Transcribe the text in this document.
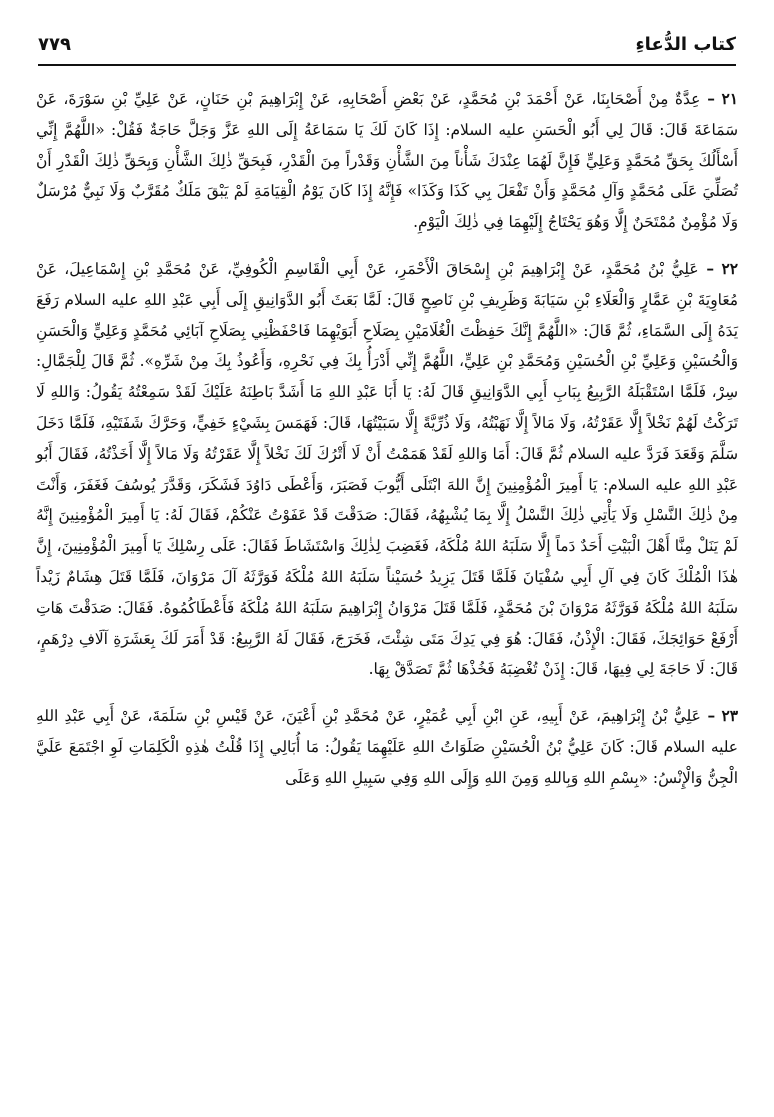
كتاب الدُّعاءِ
٧٧٩

٢١ – عِدَّةٌ مِنْ أَصْحَابِنَا، عَنْ أَحْمَدَ بْنِ مُحَمَّدٍ، عَنْ بَعْضِ أَصْحَابِهِ، عَنْ إِبْرَاهِيمَ بْنِ حَنَانٍ، عَنْ عَلِيِّ بْنِ سَوْرَةَ، عَنْ سَمَاعَةَ قَالَ: قَالَ لِي أَبُو الْحَسَنِ عليه السلام: إِذَا كَانَ لَكَ يَا سَمَاعَةُ إِلَى اللهِ عَزَّ وَجَلَّ حَاجَةٌ فَقُلْ: «اللَّهُمَّ إِنِّي أَسْأَلُكَ بِحَقِّ مُحَمَّدٍ وَعَلِيٍّ فَإِنَّ لَهُمَا عِنْدَكَ شَأْناً مِنَ الشَّأْنِ وَقَدْراً مِنَ الْقَدْرِ، فَبِحَقِّ ذٰلِكَ الشَّأْنِ وَبِحَقِّ ذٰلِكَ الْقَدْرِ أَنْ تُصَلِّيَ عَلَى مُحَمَّدٍ وَآلِ مُحَمَّدٍ وَأَنْ تَفْعَلَ بِي كَذَا وَكَذَا» فَإِنَّهُ إِذَا كَانَ يَوْمُ الْقِيَامَةِ لَمْ يَبْقَ مَلَكٌ مُقَرَّبٌ وَلَا نَبِيٌّ مُرْسَلٌ وَلَا مُؤْمِنٌ مُمْتَحَنٌ إِلَّا وَهُوَ يَحْتَاجُ إِلَيْهِمَا فِي ذٰلِكَ الْيَوْمِ.

٢٢ – عَلِيُّ بْنُ مُحَمَّدٍ، عَنْ إِبْرَاهِيمَ بْنِ إِسْحَاقَ الْأَحْمَرِ، عَنْ أَبِي الْقَاسِمِ الْكُوفِيِّ، عَنْ مُحَمَّدِ بْنِ إِسْمَاعِيلَ، عَنْ مُعَاوِيَةَ بْنِ عَمَّارٍ وَالْعَلَاءِ بْنِ سَيَابَةَ وَظَرِيفِ بْنِ نَاصِحٍ قَالَ: لَمَّا بَعَثَ أَبُو الدَّوَانِيقِ إِلَى أَبِي عَبْدِ اللهِ عليه السلام رَفَعَ يَدَهُ إِلَى السَّمَاءِ، ثُمَّ قَالَ: «اللَّهُمَّ إِنَّكَ حَفِظْتَ الْغُلَامَيْنِ بِصَلَاحِ أَبَوَيْهِمَا فَاحْفَظْنِي بِصَلَاحِ آبَائِي مُحَمَّدٍ وَعَلِيٍّ وَالْحَسَنِ وَالْحُسَيْنِ وَعَلِيِّ بْنِ الْحُسَيْنِ وَمُحَمَّدِ بْنِ عَلِيٍّ، اللَّهُمَّ إِنِّي أَدْرَأُ بِكَ فِي نَحْرِهِ، وَأَعُوذُ بِكَ مِنْ شَرِّهِ». ثُمَّ قَالَ لِلْجَمَّالِ: سِرْ، فَلَمَّا اسْتَقْبَلَهُ الرَّبِيعُ بِبَابِ أَبِي الدَّوَانِيقِ قَالَ لَهُ: يَا أَبَا عَبْدِ اللهِ مَا أَشَدَّ بَاطِنَهُ عَلَيْكَ لَقَدْ سَمِعْتُهُ يَقُولُ: وَاللهِ لَا تَرَكْتُ لَهُمْ نَخْلاً إِلَّا عَقَرْتُهُ، وَلَا مَالاً إِلَّا نَهَبْتُهُ، وَلَا ذُرِّيَّةً إِلَّا سَبَيْتُهَا، قَالَ: فَهَمَسَ بِشَيْءٍ خَفِيٍّ، وَحَرَّكَ شَفَتَيْهِ، فَلَمَّا دَخَلَ سَلَّمَ وَقَعَدَ فَرَدَّ عليه السلام ثُمَّ قَالَ: أَمَا وَاللهِ لَقَدْ هَمَمْتُ أَنْ لَا أَتْرُكَ لَكَ نَخْلاً إِلَّا عَقَرْتُهُ وَلَا مَالاً إِلَّا أَخَذْتُهُ، فَقَالَ أَبُو عَبْدِ اللهِ عليه السلام: يَا أَمِيرَ الْمُؤْمِنِينَ إِنَّ اللهَ ابْتَلَى أَيُّوبَ فَصَبَرَ، وَأَعْطَى دَاوُدَ فَشَكَرَ، وَقَدَّرَ يُوسُفَ فَغَفَرَ، وَأَنْتَ مِنْ ذٰلِكَ النَّسْلِ وَلَا يَأْتِي ذٰلِكَ النَّسْلُ إِلَّا بِمَا يُشْبِهُهُ، فَقَالَ: صَدَقْتَ قَدْ عَفَوْتُ عَنْكُمْ، فَقَالَ لَهُ: يَا أَمِيرَ الْمُؤْمِنِينَ إِنَّهُ لَمْ يَنَلْ مِنَّا أَهْلَ الْبَيْتِ أَحَدٌ دَماً إِلَّا سَلَبَهُ اللهُ مُلْكَهُ، فَغَضِبَ لِذٰلِكَ وَاسْتَشَاطَ فَقَالَ: عَلَى رِسْلِكَ يَا أَمِيرَ الْمُؤْمِنِينَ، إِنَّ هٰذَا الْمُلْكَ كَانَ فِي آلِ أَبِي سُفْيَانَ فَلَمَّا قَتَلَ يَزِيدُ حُسَيْناً سَلَبَهُ اللهُ مُلْكَهُ فَوَرَّثَهُ آلَ مَرْوَانَ، فَلَمَّا قَتَلَ هِشَامٌ زَيْداً سَلَبَهُ اللهُ مُلْكَهُ فَوَرَّثَهُ مَرْوَانَ بْنَ مُحَمَّدٍ، فَلَمَّا قَتَلَ مَرْوَانُ إِبْرَاهِيمَ سَلَبَهُ اللهُ مُلْكَهُ فَأَعْطَاكُمُوهُ. فَقَالَ: صَدَقْتَ هَاتِ أَرْفَعْ حَوَائِجَكَ، فَقَالَ: الْإِذْنُ، فَقَالَ: هُوَ فِي يَدِكَ مَتَى شِئْتَ، فَخَرَجَ، فَقَالَ لَهُ الرَّبِيعُ: قَدْ أَمَرَ لَكَ بِعَشَرَةِ آلَافِ دِرْهَمٍ، قَالَ: لَا حَاجَةَ لِي فِيهَا، قَالَ: إِذَنْ تُغْضِبَهُ فَخُذْهَا ثُمَّ تَصَدَّقْ بِهَا.

٢٣ – عَلِيُّ بْنُ إِبْرَاهِيمَ، عَنْ أَبِيهِ، عَنِ ابْنِ أَبِي عُمَيْرٍ، عَنْ مُحَمَّدِ بْنِ أَعْيَنَ، عَنْ قَيْسِ بْنِ سَلَمَةَ، عَنْ أَبِي عَبْدِ اللهِ عليه السلام قَالَ: كَانَ عَلِيُّ بْنُ الْحُسَيْنِ صَلَوَاتُ اللهِ عَلَيْهِمَا يَقُولُ: مَا أُبَالِي إِذَا قُلْتُ هٰذِهِ الْكَلِمَاتِ لَوِ اجْتَمَعَ عَلَيَّ الْجِنُّ وَالْإِنْسُ: «بِسْمِ اللهِ وَبِاللهِ وَمِنَ اللهِ وَإِلَى اللهِ وَفِي سَبِيلِ اللهِ وَعَلَى
